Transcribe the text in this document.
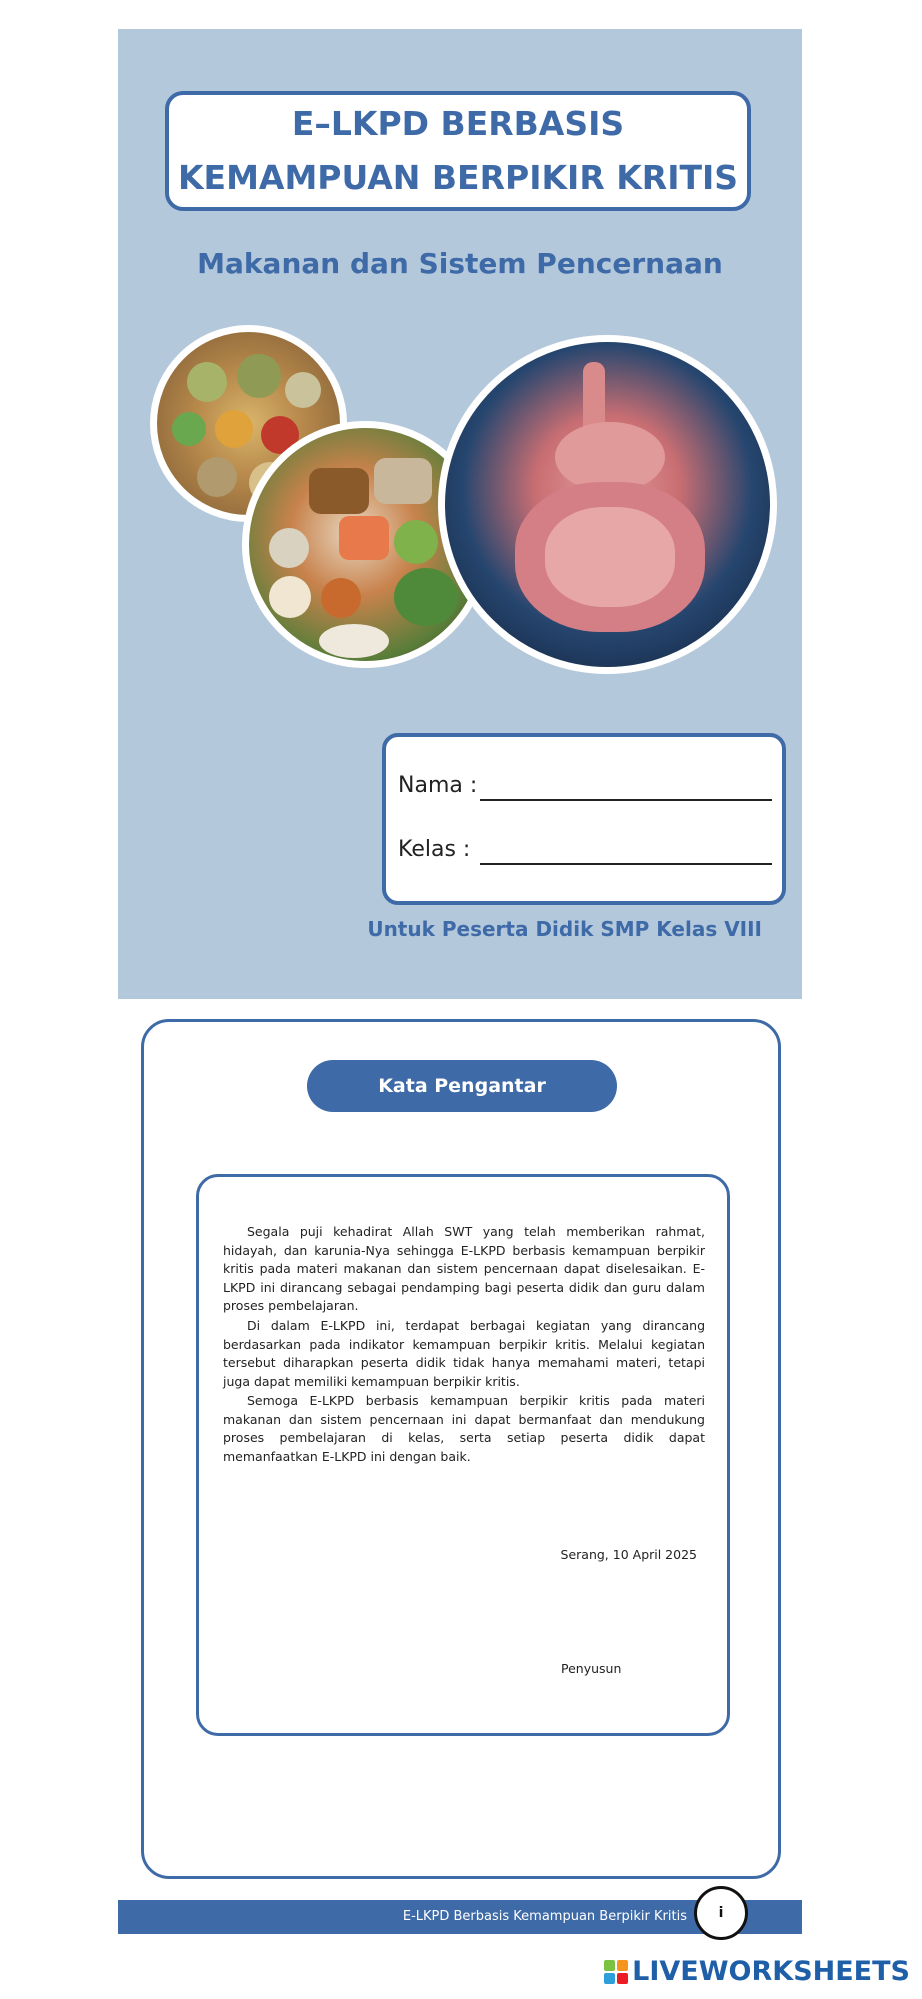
E–LKPD BERBASIS
KEMAMPUAN BERPIKIR KRITIS
Makanan dan Sistem Pencernaan
Nama :
Kelas :
Untuk Peserta Didik SMP Kelas VIII
Kata Pengantar
Segala puji kehadirat Allah SWT yang telah memberikan rahmat, hidayah, dan karunia-Nya sehingga E-LKPD berbasis kemampuan berpikir kritis pada materi makanan dan sistem pencernaan dapat diselesaikan. E-LKPD ini dirancang sebagai pendamping bagi peserta didik dan guru dalam proses pembelajaran.
Di dalam E-LKPD ini, terdapat berbagai kegiatan yang dirancang berdasarkan pada indikator kemampuan berpikir kritis. Melalui kegiatan tersebut diharapkan peserta didik tidak hanya memahami materi, tetapi juga dapat memiliki kemampuan berpikir kritis.
Semoga E-LKPD berbasis kemampuan berpikir kritis pada materi makanan dan sistem pencernaan ini dapat bermanfaat dan mendukung proses pembelajaran di kelas, serta setiap peserta didik dapat memanfaatkan E-LKPD ini dengan baik.
Serang, 10 April 2025
Penyusun
E-LKPD Berbasis Kemampuan Berpikir Kritis	i
LIVEWORKSHEETS
